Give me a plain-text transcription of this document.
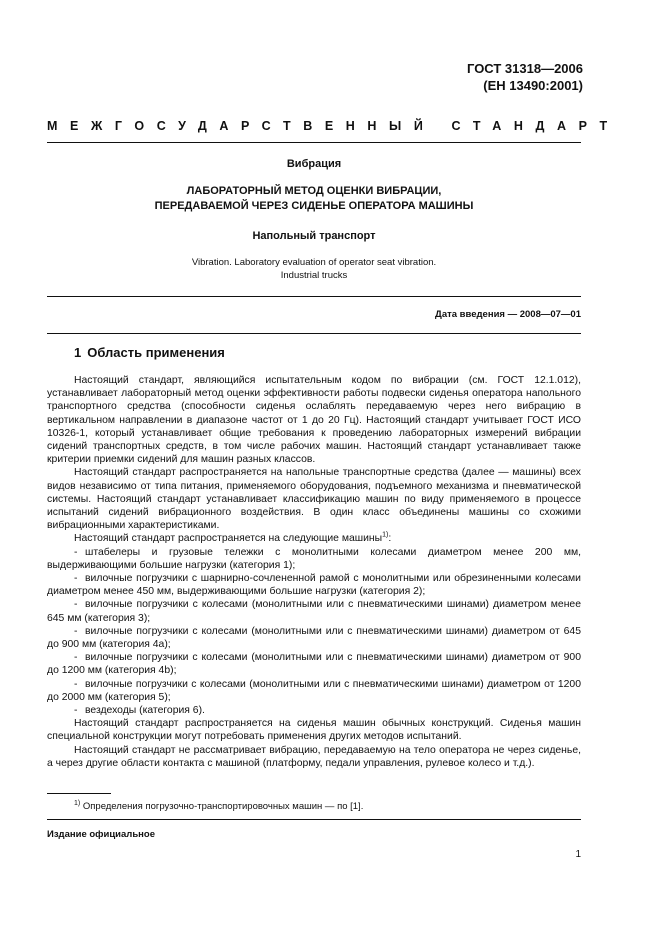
ГОСТ 31318—2006
(ЕН 13490:2001)
МЕЖГОСУДАРСТВЕННЫЙ СТАНДАРТ
Вибрация
ЛАБОРАТОРНЫЙ МЕТОД ОЦЕНКИ ВИБРАЦИИ,
ПЕРЕДАВАЕМОЙ ЧЕРЕЗ СИДЕНЬЕ ОПЕРАТОРА МАШИНЫ
Напольный транспорт
Vibration. Laboratory evaluation of operator seat vibration.
Industrial trucks
Дата введения — 2008—07—01
1 Область применения

Настоящий стандарт, являющийся испытательным кодом по вибрации (см. ГОСТ 12.1.012), устанавливает лабораторный метод оценки эффективности работы подвески сиденья оператора напольного транспортного средства (способности сиденья ослаблять передаваемую через него вибрацию в вертикальном направлении в диапазоне частот от 1 до 20 Гц). Настоящий стандарт учитывает ГОСТ ИСО 10326-1, который устанавливает общие требования к проведению лабораторных измерений вибрации сидений транспортных средств, в том числе рабочих машин. Настоящий стандарт устанавливает также критерии приемки сидений для машин разных классов.

Настоящий стандарт распространяется на напольные транспортные средства (далее — машины) всех видов независимо от типа питания, применяемого оборудования, подъемного механизма и пневматической системы. Настоящий стандарт устанавливает классификацию машин по виду применяемого в процессе испытаний сидений вибрационного воздействия. В один класс объединены машины со схожими вибрационными характеристиками.

Настоящий стандарт распространяется на следующие машины$^{1)}$:

- штабелеры и грузовые тележки с монолитными колесами диаметром менее 200 мм, выдерживающими большие нагрузки (категория 1);

- вилочные погрузчики с шарнирно-сочлененной рамой с монолитными или обрезиненными колесами диаметром менее 450 мм, выдерживающими большие нагрузки (категория 2);

- вилочные погрузчики с колесами (монолитными или с пневматическими шинами) диаметром менее 645 мм (категория 3);

- вилочные погрузчики с колесами (монолитными или с пневматическими шинами) диаметром от 645 до 900 мм (категория 4а);

- вилочные погрузчики с колесами (монолитными или с пневматическими шинами) диаметром от 900 до 1200 мм (категория 4b);

- вилочные погрузчики с колесами (монолитными или с пневматическими шинами) диаметром от 1200 до 2000 мм (категория 5);

- вездеходы (категория 6).

Настоящий стандарт распространяется на сиденья машин обычных конструкций. Сиденья машин специальной конструкции могут потребовать применения других методов испытаний.

Настоящий стандарт не рассматривает вибрацию, передаваемую на тело оператора не через сиденье, а через другие области контакта с машиной (платформу, педали управления, рулевое колесо и т.д.).

$^{1)}$ Определения погрузочно-транспортировочных машин — по [1].
Издание официальное
1
